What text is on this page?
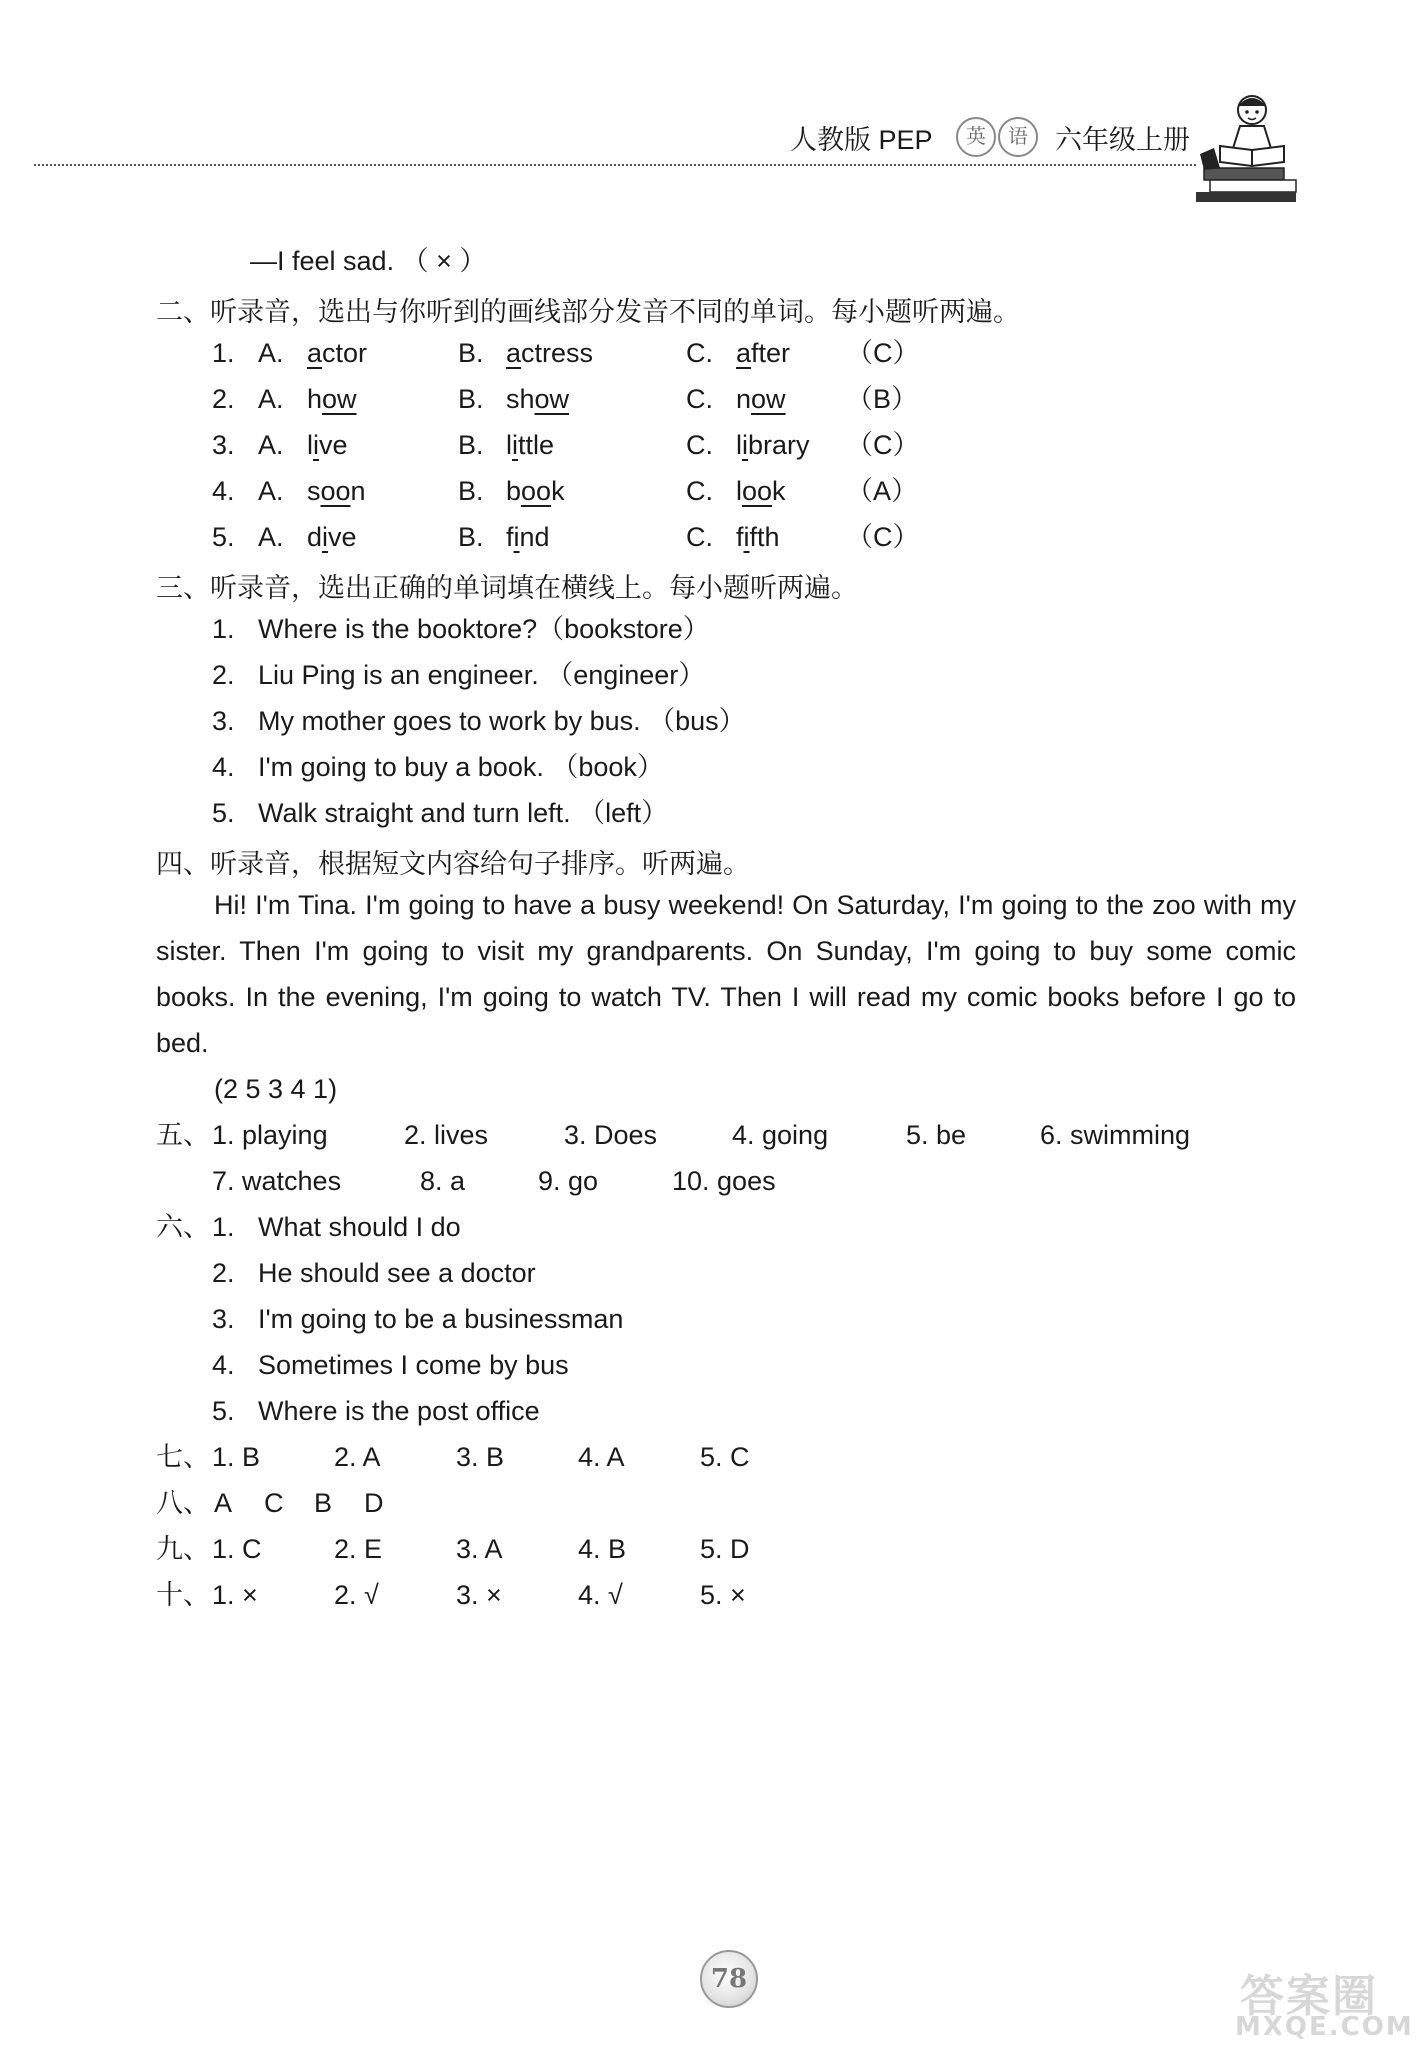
人教版 PEP	英	语	六年级上册
—I feel sad. （ × ）
二、听录音，选出与你听到的画线部分发音不同的单词。每小题听两遍。
1. A. actor	B. actress	C. after （C）
2. A. how	B. show	C. now （B）
3. A. live	B. little	C. library （C）
4. A. soon	B. book	C. look （A）
5. A. dive	B. find	C. fifth （C）
三、听录音，选出正确的单词填在横线上。每小题听两遍。
1. Where is the booktore?（bookstore）
2. Liu Ping is an engineer. （engineer）
3. My mother goes to work by bus. （bus）
4. I'm going to buy a book. （book）
5. Walk straight and turn left. （left）
四、听录音，根据短文内容给句子排序。听两遍。
Hi! I'm Tina. I'm going to have a busy weekend! On Saturday, I'm going to the zoo with my sister. Then I'm going to visit my grandparents. On Sunday, I'm going to buy some comic books. In the evening, I'm going to watch TV. Then I will read my comic books before I go to bed.
(2 5 3 4 1)
五、 1. playing	2. lives	3. Does	4. going	5. be	6. swimming
7. watches	8. a	9. go	10. goes
六、 1. What should I do
2. He should see a doctor
3. I'm going to be a businessman
4. Sometimes I come by bus
5. Where is the post office
七、 1. B	2. A	3. B	4. A	5. C
八、 A C B D
九、 1. C	2. E	3. A	4. B	5. D
十、 1. ×	2. √	3. ×	4. √	5. ×
78	答案圈
MXQE.COM
